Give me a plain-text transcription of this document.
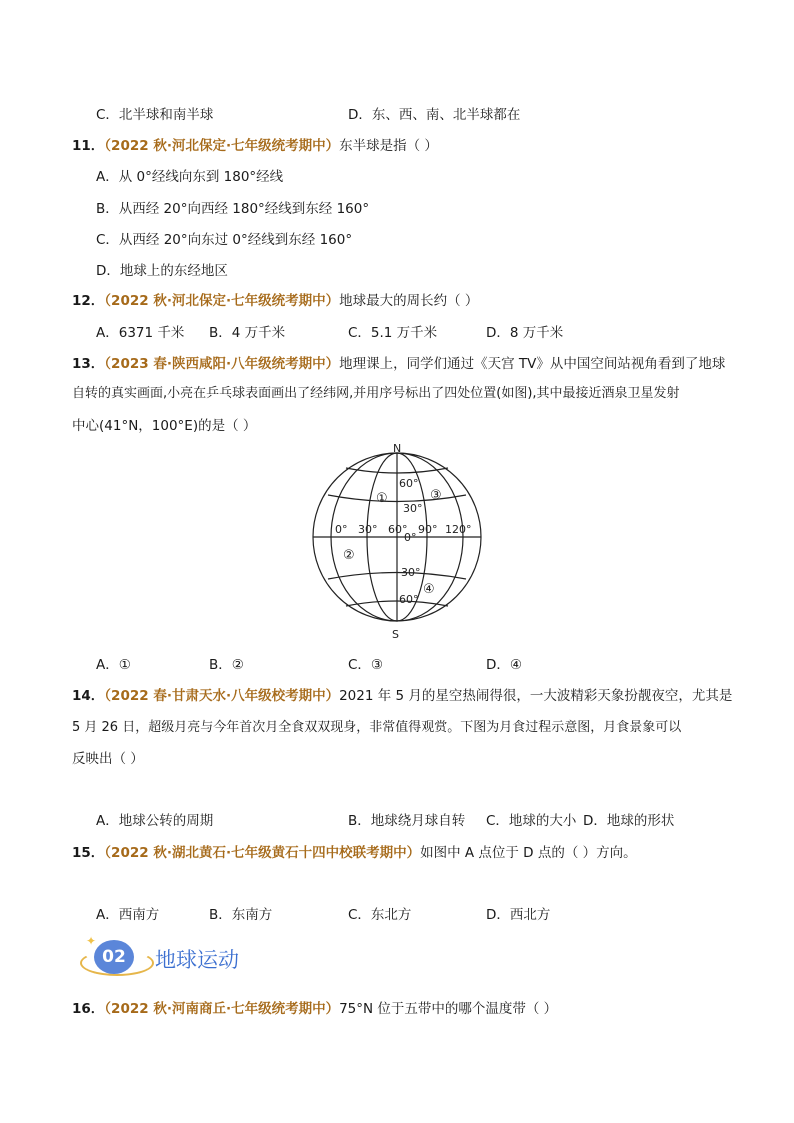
C．北半球和南半球	D．东、西、南、北半球都在
11．（2022 秋·河北保定·七年级统考期中）东半球是指（ ）
A．从 0°经线向东到 180°经线
B．从西经 20°向西经 180°经线到东经 160°
C．从西经 20°向东过 0°经线到东经 160°
D．地球上的东经地区
12．（2022 秋·河北保定·七年级统考期中）地球最大的周长约（ ）
A．6371 千米 B．4 万千米	C．5.1 万千米	D．8 万千米
13．（2023 春·陕西咸阳·八年级统考期中）地理课上，同学们通过《天宫 TV》从中国空间站视角看到了地球
自转的真实画面,小亮在乒乓球表面画出了经纬网,并用序号标出了四处位置(如图),其中最接近酒泉卫星发射
中心(41°N，100°E)的是（ ）
N
S
60°
30°
0°
30°
60°
0° 30° 60° 90° 120°
①
②
③
④
A．①	B．②	C．③	D．④
14．（2022 春·甘肃天水·八年级校考期中）2021 年 5 月的星空热闹得很，一大波精彩天象扮靓夜空，尤其是
5 月 26 日，超级月亮与今年首次月全食双双现身，非常值得观赏。下图为月食过程示意图，月食景象可以
反映出（ ）
A．地球公转的周期	B．地球绕月球自转 C．地球的大小 D．地球的形状
15．（2022 秋·湖北黄石·七年级黄石十四中校联考期中）如图中 A 点位于 D 点的（ ）方向。
A．西南方	B．东南方	C．东北方	D．西北方
✦
02	地球运动
16．（2022 秋·河南商丘·七年级统考期中）75°N 位于五带中的哪个温度带（ ）
